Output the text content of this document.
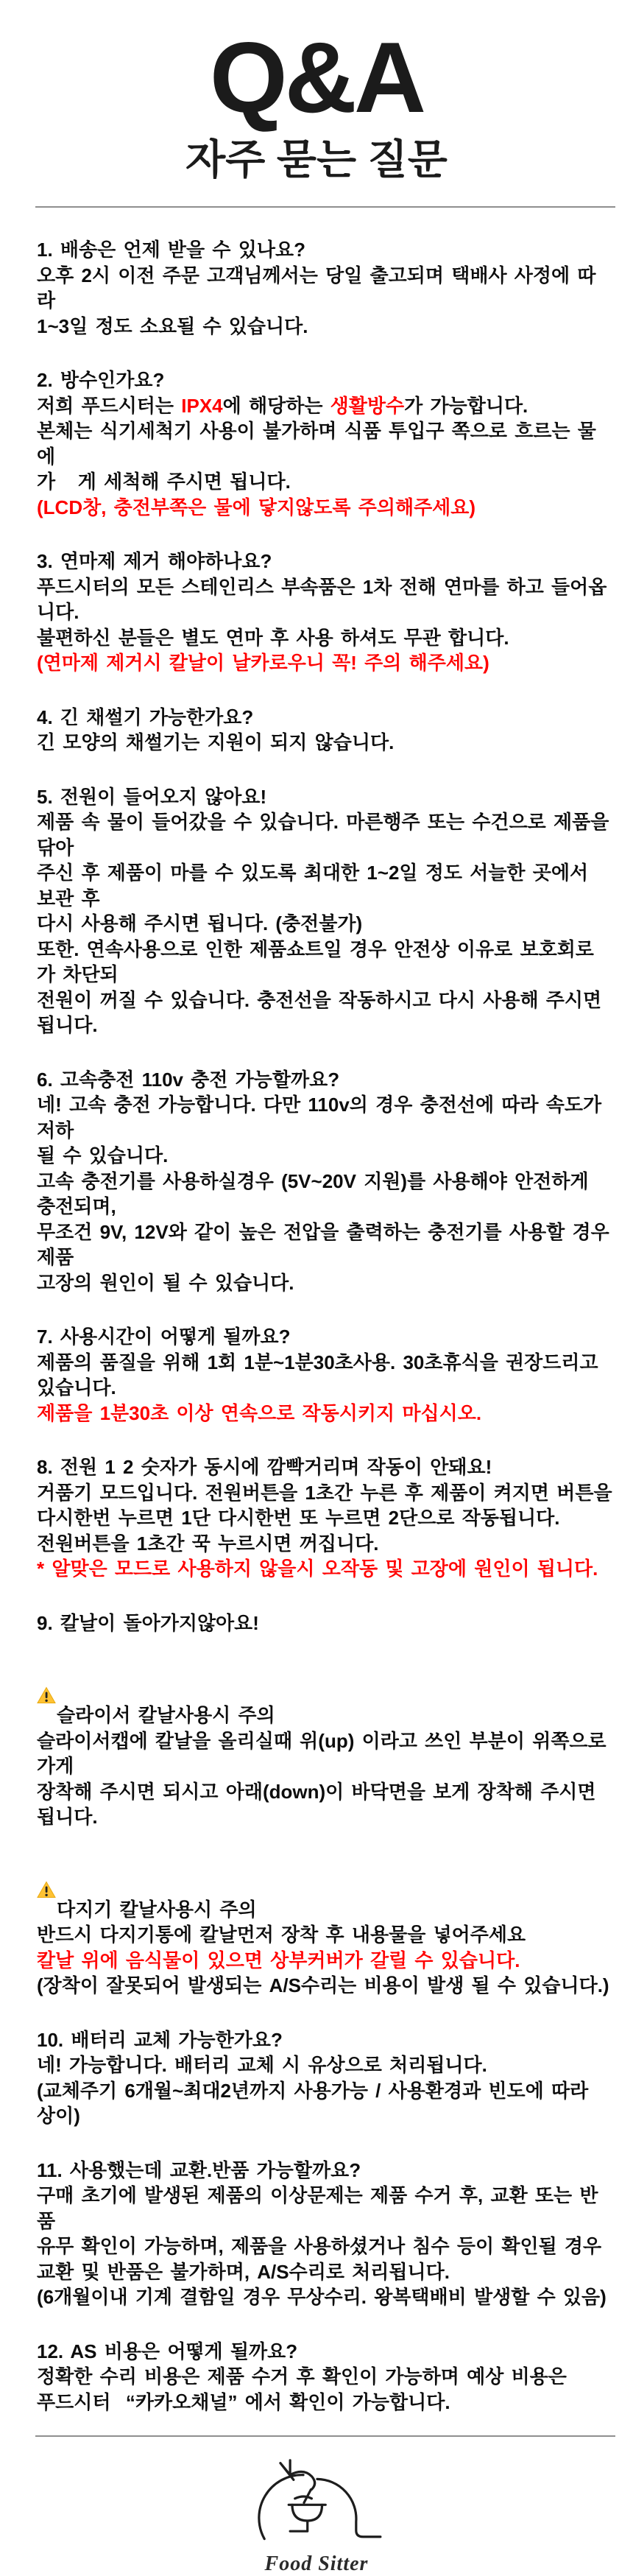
Q&A
자주 묻는 질문

1. 배송은 언제 받을 수 있나요?

오후 2시 이전 주문 고객님께서는 당일 출고되며 택배사 사정에 따라

1~3일 정도 소요될 수 있습니다.

2. 방수인가요?

저희 푸드시터는 IPX4에 해당하는 생활방수가 가능합니다.

본체는 식기세척기 사용이 불가하며 식품 투입구 쪽으로 흐르는 물에

가   게 세척해 주시면 됩니다.

(LCD창, 충전부쪽은 물에 닿지않도록 주의해주세요)

3. 연마제 제거 해야하나요?

푸드시터의 모든 스테인리스 부속품은 1차 전해 연마를 하고 들어옵니다.

불편하신 분들은 별도 연마 후 사용 하셔도 무관 합니다.

(연마제 제거시 칼날이 날카로우니 꼭! 주의 해주세요)

4. 긴 채썰기 가능한가요?

긴 모양의 채썰기는 지원이 되지 않습니다.

5. 전원이 들어오지 않아요!

제품 속 물이 들어갔을 수 있습니다. 마른행주 또는 수건으로 제품을 닦아

주신 후 제품이 마를 수 있도록 최대한 1~2일 정도 서늘한 곳에서 보관 후

다시 사용해 주시면 됩니다. (충전불가)

또한. 연속사용으로 인한 제품쇼트일 경우 안전상 이유로 보호회로가 차단되

전원이 꺼질 수 있습니다. 충전선을 작동하시고 다시 사용해 주시면 됩니다.

6. 고속충전 110v 충전 가능할까요?

네! 고속 충전 가능합니다. 다만 110v의 경우 충전선에 따라 속도가 저하

될 수 있습니다.

고속 충전기를 사용하실경우 (5V~20V 지원)를 사용해야 안전하게 충전되며,

무조건 9V, 12V와 같이 높은 전압을 출력하는 충전기를 사용할 경우 제품

고장의 원인이 될 수 있습니다.

7. 사용시간이 어떻게 될까요?

제품의 품질을 위해 1회 1분~1분30초사용. 30초휴식을 권장드리고 있습니다.

제품을 1분30초 이상 연속으로 작동시키지 마십시오.

8. 전원 1 2 숫자가 동시에 깜빡거리며 작동이 안돼요!

거품기 모드입니다. 전원버튼을 1초간 누른 후 제품이 켜지면 버튼을

다시한번 누르면 1단 다시한번 또 누르면 2단으로 작동됩니다.

전원버튼을 1초간 꾹 누르시면 꺼집니다.

* 알맞은 모드로 사용하지 않을시 오작동 및 고장에 원인이 됩니다.

9. 칼날이 돌아가지않아요!

슬라이서 칼날사용시 주의

슬라이서캡에 칼날을 올리실때 위(up) 이라고 쓰인 부분이 위쪽으로 가게

장착해 주시면 되시고 아래(down)이 바닥면을 보게 장착해 주시면 됩니다.

다지기 칼날사용시 주의

반드시 다지기통에 칼날먼저 장착 후 내용물을 넣어주세요

칼날 위에 음식물이 있으면 상부커버가 갈릴 수 있습니다.

(장착이 잘못되어 발생되는 A/S수리는 비용이 발생 될 수 있습니다.)

10. 배터리 교체 가능한가요?

네! 가능합니다. 배터리 교체 시 유상으로 처리됩니다.

(교체주기 6개월~최대2년까지 사용가능 / 사용환경과 빈도에 따라 상이)

11. 사용했는데 교환.반품 가능할까요?

구매 초기에 발생된 제품의 이상문제는 제품 수거 후, 교환 또는 반품

유무 확인이 가능하며, 제품을 사용하셨거나 침수 등이 확인될 경우

교환 및 반품은 불가하며, A/S수리로 처리됩니다.

(6개월이내 기계 결함일 경우 무상수리. 왕복택배비 발생할 수 있음)

12. AS 비용은 어떻게 될까요?

정확한 수리 비용은 제품 수거 후 확인이 가능하며 예상 비용은

푸드시터  “카카오채널” 에서 확인이 가능합니다.

Food Sitter
